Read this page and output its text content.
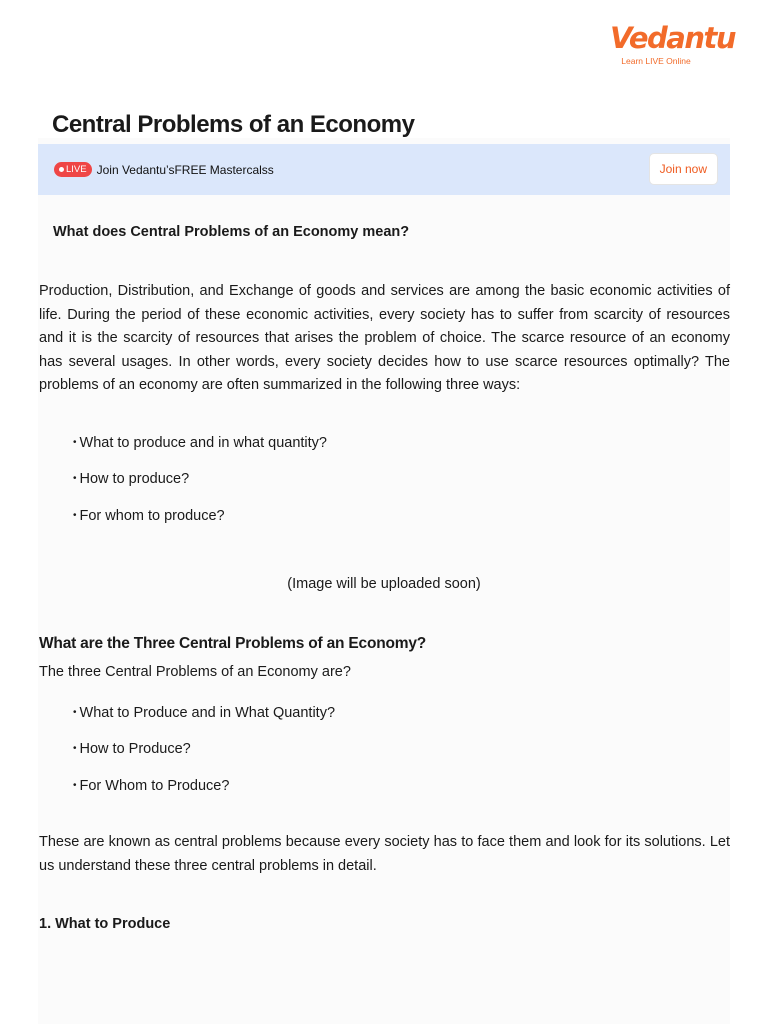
Vedantu
Learn LIVE Online
Central Problems of an Economy
LIVE Join Vedantu’sFREE Mastercalss	Join now
What does Central Problems of an Economy mean?

Production, Distribution, and Exchange of goods and services are among the basic economic activities of life. During the period of these economic activities, every society has to suffer from scarcity of resources and it is the scarcity of resources that arises the problem of choice. The scarce resource of an economy has several usages. In other words, every society decides how to use scarce resources optimally? The problems of an economy are often summarized in the following three ways:

• What to produce and in what quantity?
• How to produce?
• For whom to produce?
(Image will be uploaded soon)
What are the Three Central Problems of an Economy?

The three Central Problems of an Economy are?

• What to Produce and in What Quantity?
• How to Produce?
• For Whom to Produce?

These are known as central problems because every society has to face them and look for its solutions. Let us understand these three central problems in detail.

1. What to Produce
